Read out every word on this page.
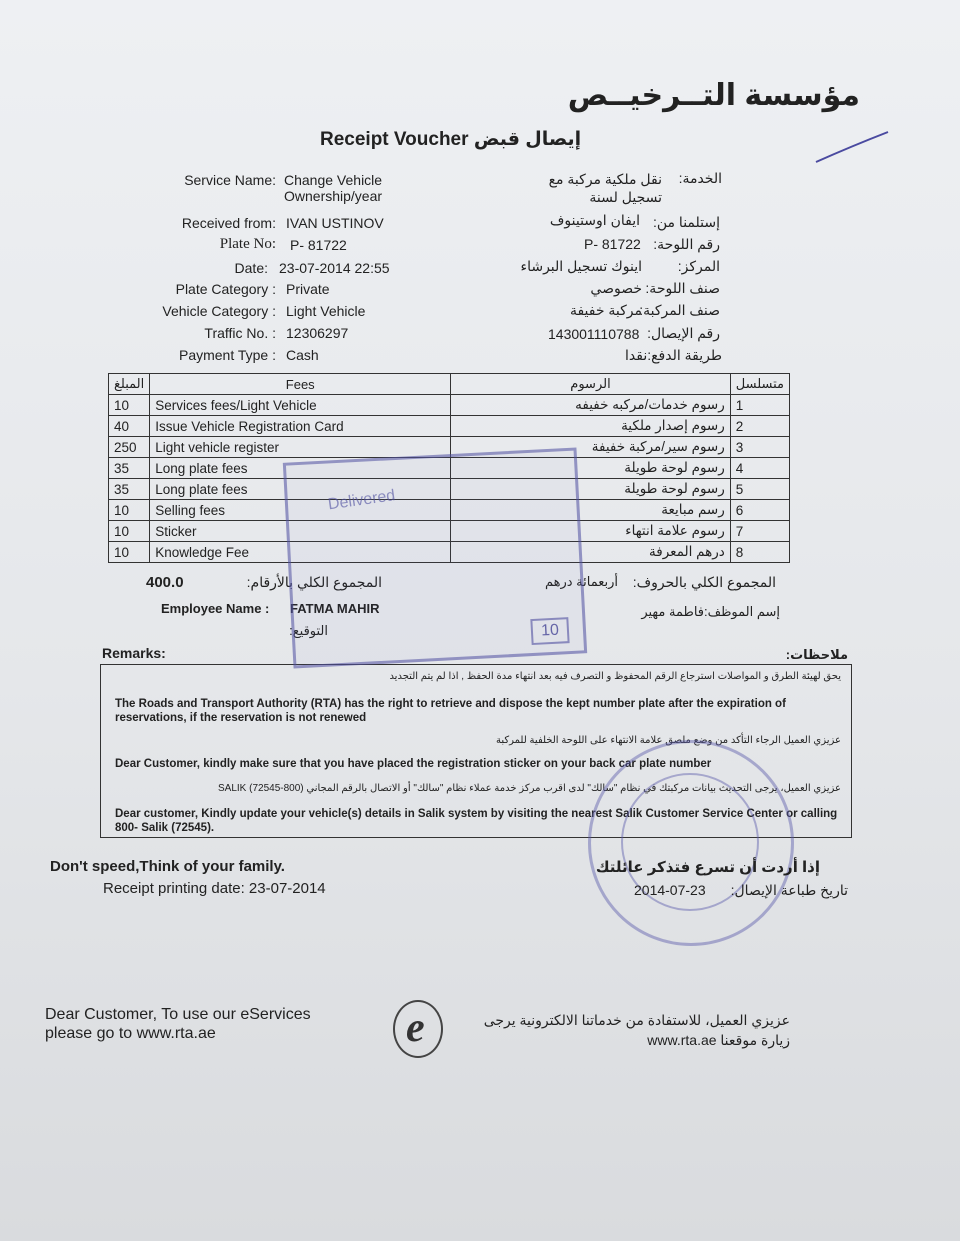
مؤسسة التــرخيــص
Receipt Voucher إيصال قبض
Service Name: Change Vehicle Ownership/year
Received from: IVAN USTINOV
Plate No: P- 81722
Date: 23-07-2014 22:55
Plate Category : Private
Vehicle Category : Light Vehicle
Traffic No. : 12306297
Payment Type : Cash
الخدمة:
نقل ملكية مركبة مع تسجيل لسنة
إستلمنا من:
ايفان اوستينوف
رقم اللوحة:
P- 81722
المركز:
اينوك تسجيل البرشاء
صنف اللوحة:
خصوصي
صنف المركبة:
مركبة خفيفة
رقم الإيصال:
143001110788
طريقة الدفع:نقدا
المبلغ	Fees	الرسوم	متسلسل
10	Services fees/Light Vehicle	رسوم خدمات/مركبه خفيفه	1
40	Issue Vehicle Registration Card	رسوم إصدار ملكية	2
250	Light vehicle register	رسوم سير/مركبة خفيفة	3
35	Long plate fees	رسوم لوحة طويلة	4
35	Long plate fees	رسوم لوحة طويلة	5
10	Selling fees	رسم مبايعة	6
10	Sticker	رسوم علامة انتهاء	7
10	Knowledge Fee	درهم المعرفة	8
400.0	المجموع الكلي بالأرقام:	المجموع الكلي بالحروف:
أربعمائة درهم
Employee Name : FATMA MAHIR	إسم الموظف:
فاطمة مهير
التوقيع:
Remarks:	ملاحظات:
يحق لهيئة الطرق و المواصلات استرجاع الرقم المحفوظ و التصرف فيه بعد انتهاء مدة الحفظ , اذا لم يتم التجديد
The Roads and Transport Authority (RTA) has the right to retrieve and dispose the kept number plate after the expiration of reservations, if the reservation is not renewed
عزيزي العميل الرجاء التأكد من وضع ملصق علامة الانتهاء على اللوحة الخلفية للمركبة
Dear Customer, kindly make sure that you have placed the registration sticker on your back car plate number
عزيزي العميل، يرجى التحديث بيانات مركبتك في نظام "سالك" لدى اقرب مركز خدمة عملاء نظام "سالك" أو الاتصال بالرقم المجاني (SALIK (72545-800
Dear customer, Kindly update your vehicle(s) details in Salik system by visiting the nearest Salik Customer Service Center or calling 800- Salik (72545).
Delivered
10
Don't speed,Think of your family.	إذا أردت أن تسرع فتذكر عائلتك
Receipt printing date: 23-07-2014	تاريخ طباعة الإيصال:
2014-07-23
Dear Customer, To use our eServices
please go to www.rta.ae	e	عزيزي العميل، للاستفادة من خدماتنا الالكترونية يرجى
زيارة موقعنا www.rta.ae
